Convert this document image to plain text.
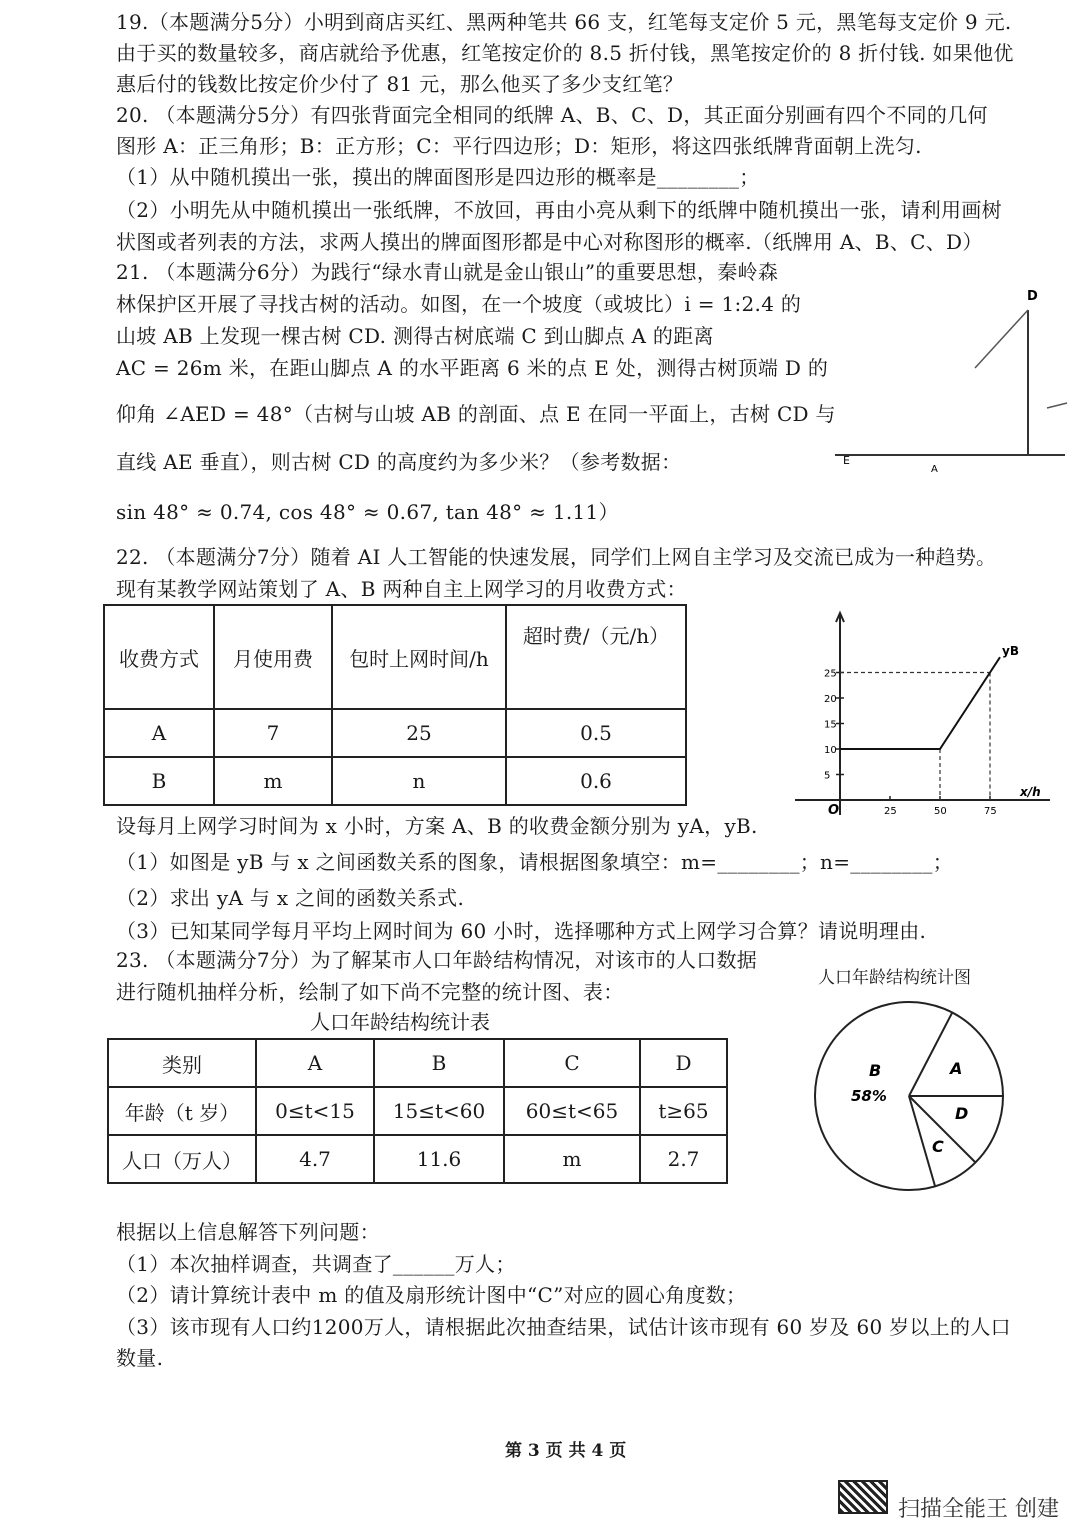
19.（本题满分5分）小明到商店买红、黑两种笔共 66 支，红笔每支定价 5 元，黑笔每支定价 9 元.
由于买的数量较多，商店就给予优惠，红笔按定价的 8.5 折付钱，黑笔按定价的 8 折付钱. 如果他优
惠后付的钱数比按定价少付了 81 元，那么他买了多少支红笔？
20. （本题满分5分）有四张背面完全相同的纸牌 A、B、C、D，其正面分别画有四个不同的几何
图形 A：正三角形；B：正方形；C：平行四边形；D：矩形，将这四张纸牌背面朝上洗匀.
（1）从中随机摸出一张，摸出的牌面图形是四边形的概率是________；
（2）小明先从中随机摸出一张纸牌，不放回，再由小亮从剩下的纸牌中随机摸出一张，请利用画树
状图或者列表的方法，求两人摸出的牌面图形都是中心对称图形的概率.（纸牌用 A、B、C、D）
21. （本题满分6分）为践行“绿水青山就是金山银山”的重要思想，秦岭森
林保护区开展了寻找古树的活动。如图，在一个坡度（或坡比）i = 1:2.4 的
山坡 AB 上发现一棵古树 CD. 测得古树底端 C 到山脚点 A 的距离
AC = 26m 米，在距山脚点 A 的水平距离 6 米的点 E 处，测得古树顶端 D 的
仰角 ∠AED = 48°（古树与山坡 AB 的剖面、点 E 在同一平面上，古树 CD 与
直线 AE 垂直），则古树 CD 的高度约为多少米？（参考数据：
sin 48° ≈ 0.74, cos 48° ≈ 0.67, tan 48° ≈ 1.11）
D
E
A
22. （本题满分7分）随着 AI 人工智能的快速发展，同学们上网自主学习及交流已成为一种趋势。
现有某教学网站策划了 A、B 两种自主上网学习的月收费方式：
收费方式	月使用费	包时上网时间/h	超时费/（元/h）
A	7	25	0.5
B	m	n	0.6
O
x/h
25	50	75
5
10
15
20
25
yB
设每月上网学习时间为 x 小时，方案 A、B 的收费金额分别为 yA，yB.
（1）如图是 yB 与 x 之间函数关系的图象，请根据图象填空：m=________；n=________；
（2）求出 yA 与 x 之间的函数关系式.
（3）已知某同学每月平均上网时间为 60 小时，选择哪种方式上网学习合算？请说明理由.
23. （本题满分7分）为了解某市人口年龄结构情况，对该市的人口数据
进行随机抽样分析，绘制了如下尚不完整的统计图、表：
人口年龄结构统计表
类别	A	B	C	D
年龄（t 岁）	0≤t<15	15≤t<60	60≤t<65	t≥65
人口（万人）	4.7	11.6	m	2.7
人口年龄结构统计图
B
58%
A
D
C
根据以上信息解答下列问题：
（1）本次抽样调查，共调查了______万人；
（2）请计算统计表中 m 的值及扇形统计图中“C”对应的圆心角度数；
（3）该市现有人口约1200万人，请根据此次抽查结果，试估计该市现有 60 岁及 60 岁以上的人口
数量.
第 3 页 共 4 页
扫描全能王 创建
